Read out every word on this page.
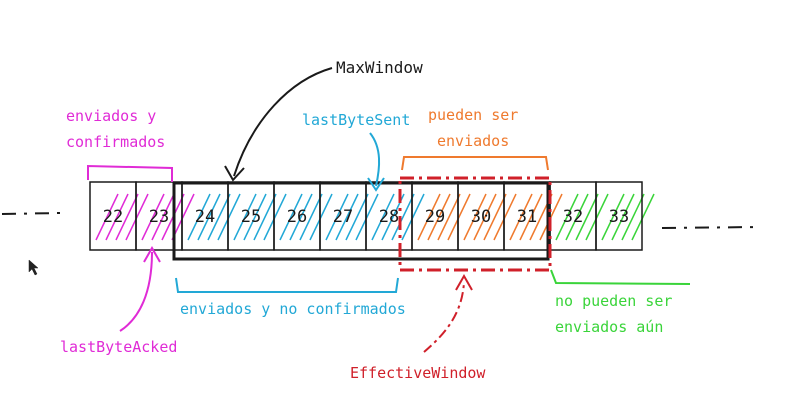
22 23 24 25 26 27 28 29 30 31 32 33
MaxWindow
enviados y
confirmados
lastByteSent pueden ser
enviados
enviados y no confirmados	no pueden ser
enviados aún
lastByteAcked
EffectiveWindow
